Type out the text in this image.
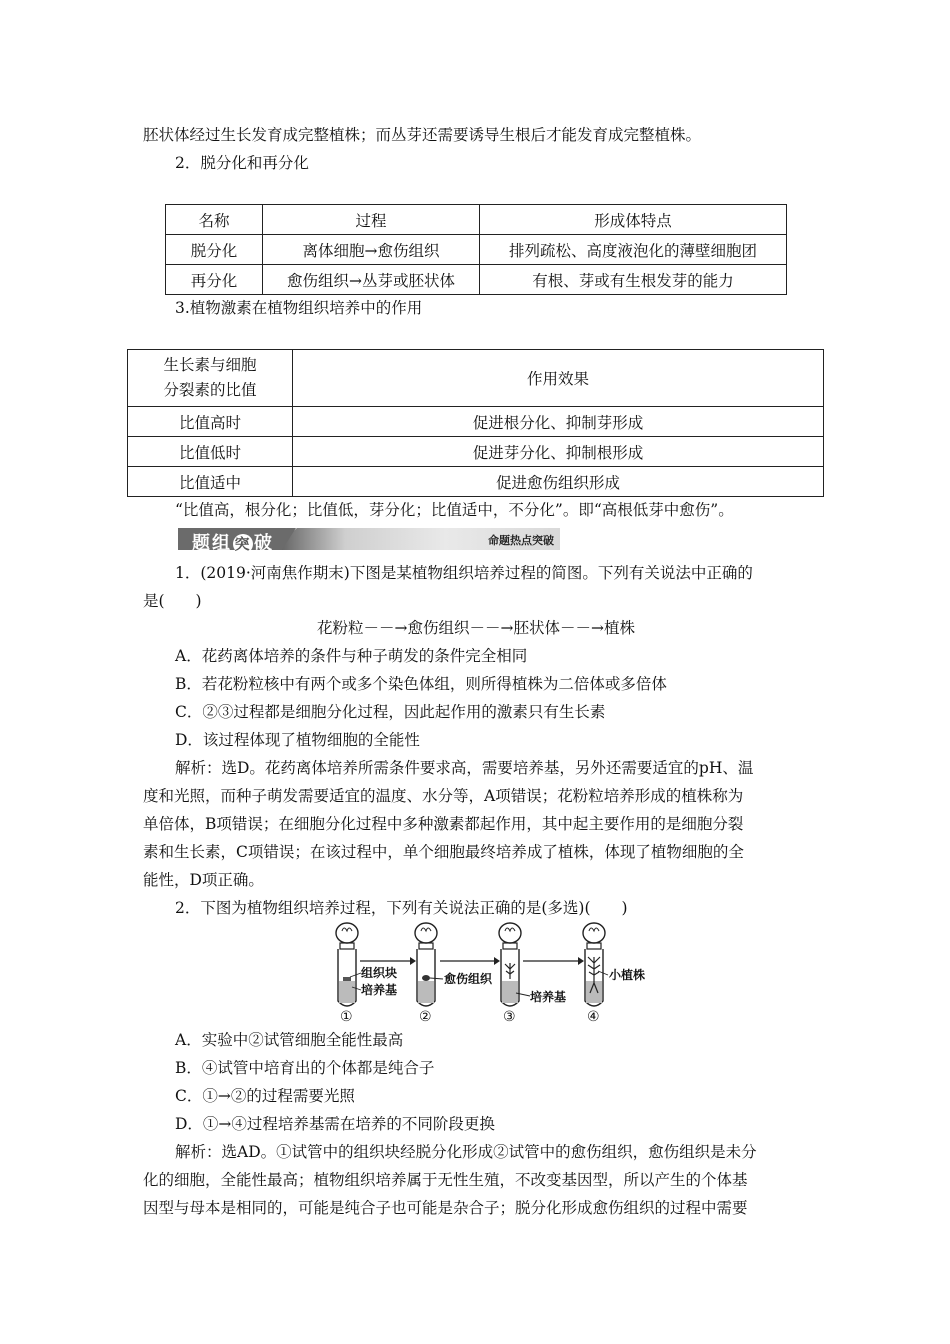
胚状体经过生长发育成完整植株；而丛芽还需要诱导生根后才能发育成完整植株。
2．脱分化和再分化
名称	过程	形成体特点
脱分化	离体细胞→愈伤组织	排列疏松、高度液泡化的薄壁细胞团
再分化	愈伤组织→丛芽或胚状体	有根、芽或有生根发芽的能力
3.植物激素在植物组织培养中的作用
生长素与细胞
分裂素的比值	作用效果
比值高时	促进根分化、抑制芽形成
比值低时	促进芽分化、抑制根形成
比值适中	促进愈伤组织形成
“比值高，根分化；比值低，芽分化；比值适中，不分化”。即“高根低芽中愈伤”。
题组 突 破	命题热点突破
1．(2019·河南焦作期末)下图是某植物组织培养过程的简图。下列有关说法中正确的
是(　　)
花粉粒－－→愈伤组织－－→胚状体－－→植株
A．花药离体培养的条件与种子萌发的条件完全相同
B．若花粉粒核中有两个或多个染色体组，则所得植株为二倍体或多倍体
C．②③过程都是细胞分化过程，因此起作用的激素只有生长素
D．该过程体现了植物细胞的全能性
解析：选D。花药离体培养所需条件要求高，需要培养基，另外还需要适宜的pH、温
度和光照，而种子萌发需要适宜的温度、水分等，A项错误；花粉粒培养形成的植株称为
单倍体，B项错误；在细胞分化过程中多种激素都起作用，其中起主要作用的是细胞分裂
素和生长素，C项错误；在该过程中，单个细胞最终培养成了植株，体现了植物细胞的全
能性，D项正确。
2．下图为植物组织培养过程，下列有关说法正确的是(多选)(　　)
组织块
培养基
愈伤组织
培养基
小植株
①	②	③	④
A．实验中②试管细胞全能性最高
B．④试管中培育出的个体都是纯合子
C．①→②的过程需要光照
D．①→④过程培养基需在培养的不同阶段更换
解析：选AD。①试管中的组织块经脱分化形成②试管中的愈伤组织，愈伤组织是未分
化的细胞，全能性最高；植物组织培养属于无性生殖，不改变基因型，所以产生的个体基
因型与母本是相同的，可能是纯合子也可能是杂合子；脱分化形成愈伤组织的过程中需要
